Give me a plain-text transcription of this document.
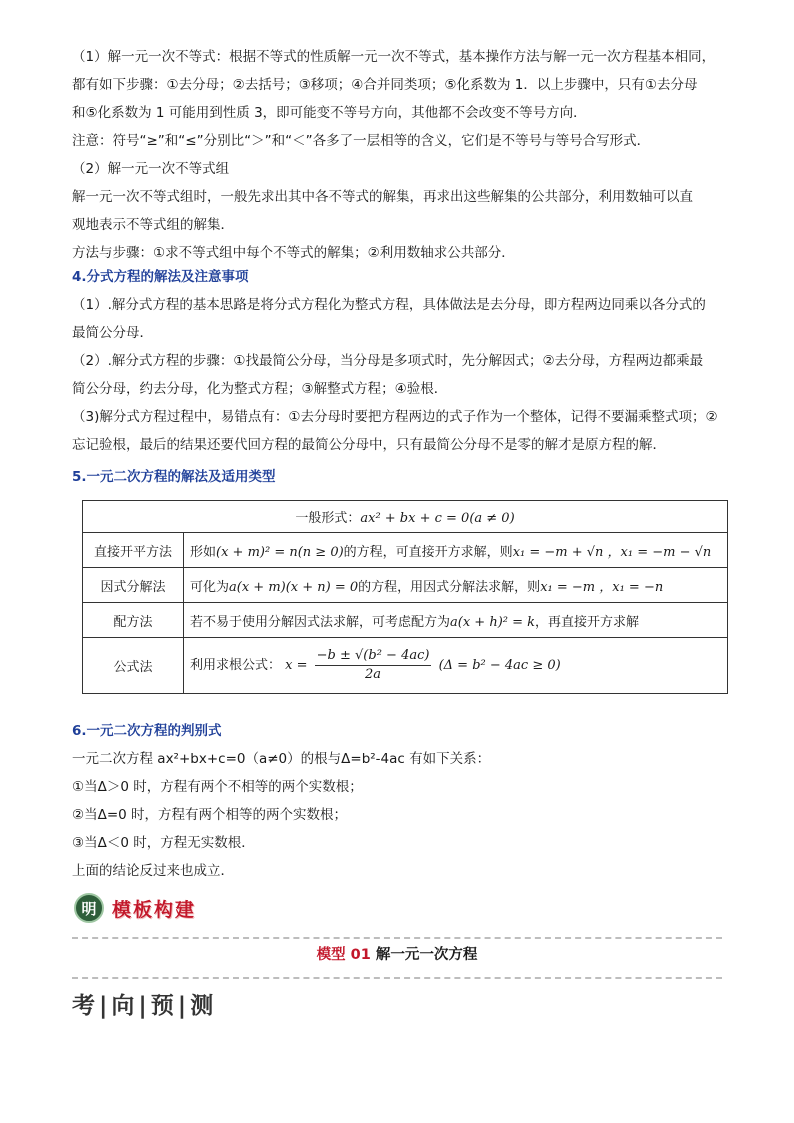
（1）解一元一次不等式：根据不等式的性质解一元一次不等式，基本操作方法与解一元一次方程基本相同，
都有如下步骤：①去分母；②去括号；③移项；④合并同类项；⑤化系数为 1．以上步骤中，只有①去分母
和⑤化系数为 1 可能用到性质 3，即可能变不等号方向，其他都不会改变不等号方向．
注意：符号“≥”和“≤”分别比“＞”和“＜”各多了一层相等的含义，它们是不等号与等号合写形式．
（2）解一元一次不等式组
解一元一次不等式组时，一般先求出其中各不等式的解集，再求出这些解集的公共部分，利用数轴可以直
观地表示不等式组的解集．
方法与步骤：①求不等式组中每个不等式的解集；②利用数轴求公共部分．
4.分式方程的解法及注意事项
（1）.解分式方程的基本思路是将分式方程化为整式方程，具体做法是去分母，即方程两边同乘以各分式的
最简公分母．
（2）.解分式方程的步骤：①找最简公分母，当分母是多项式时，先分解因式；②去分母，方程两边都乘最
简公分母，约去分母，化为整式方程；③解整式方程；④验根．
（3)解分式方程过程中，易错点有：①去分母时要把方程两边的式子作为一个整体，记得不要漏乘整式项；②
忘记验根，最后的结果还要代回方程的最简公分母中，只有最简公分母不是零的解才是原方程的解．
5.一元二次方程的解法及适用类型
一般形式：ax² + bx + c = 0(a ≠ 0)	
直接开平方法	形如(x + m)² = n(n ≥ 0)的方程，可直接开方求解，则x₁ = −m + √n ，x₁ = −m − √n
因式分解法	可化为a(x + m)(x + n) = 0的方程，用因式分解法求解，则x₁ = −m ，x₁ = −n
配方法	若不易于使用分解因式法求解，可考虑配方为a(x + h)² = k，再直接开方求解
公式法	利用求根公式： $x = \frac{\text{−b ± √(b² − 4ac)}}{2a} (\Delta = b^2 - 4ac \ge 0)$
6.一元二次方程的判别式
一元二次方程 ax²+bx+c=0（a≠0）的根与Δ=b²-4ac 有如下关系：
①当Δ＞0 时，方程有两个不相等的两个实数根；
②当Δ=0 时，方程有两个相等的两个实数根；
③当Δ＜0 时，方程无实数根．
上面的结论反过来也成立．
明 模板构建
模型 01 解一元一次方程
考|向|预|测
